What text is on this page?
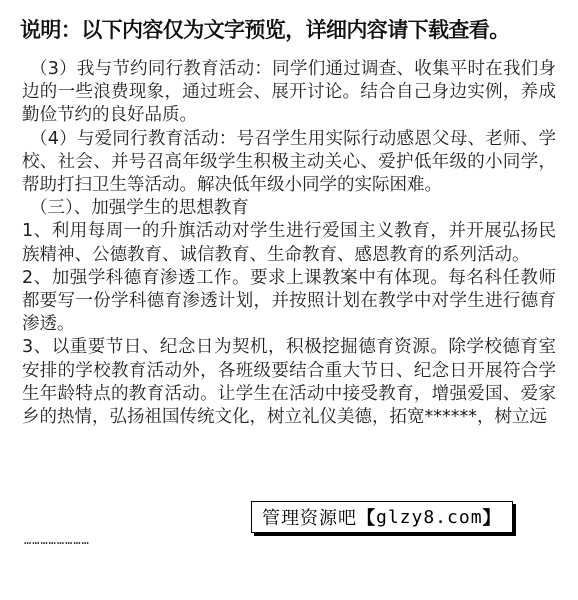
说明：以下内容仅为文字预览，详细内容请下载查看。

（3）我与节约同行教育活动：同学们通过调查、收集平时在我们身边的一些浪费现象，通过班会、展开讨论。结合自己身边实例，养成勤俭节约的良好品质。

（4）与爱同行教育活动：号召学生用实际行动感恩父母、老师、学校、社会、并号召高年级学生积极主动关心、爱护低年级的小同学，帮助打扫卫生等活动。解决低年级小同学的实际困难。

（三）、加强学生的思想教育

1、利用每周一的升旗活动对学生进行爱国主义教育，并开展弘扬民族精神、公德教育、诚信教育、生命教育、感恩教育的系列活动。

2、加强学科德育渗透工作。要求上课教案中有体现。每名科任教师都要写一份学科德育渗透计划，并按照计划在教学中对学生进行德育渗透。

3、以重要节日、纪念日为契机，积极挖掘德育资源。除学校德育室安排的学校教育活动外，各班级要结合重大节日、纪念日开展符合学生年龄特点的教育活动。让学生在活动中接受教育，增强爱国、爱家乡的热情，弘扬祖国传统文化，树立礼仪美德，拓宽******，树立远

……………………
管理资源吧 【 glzy8.com 】
